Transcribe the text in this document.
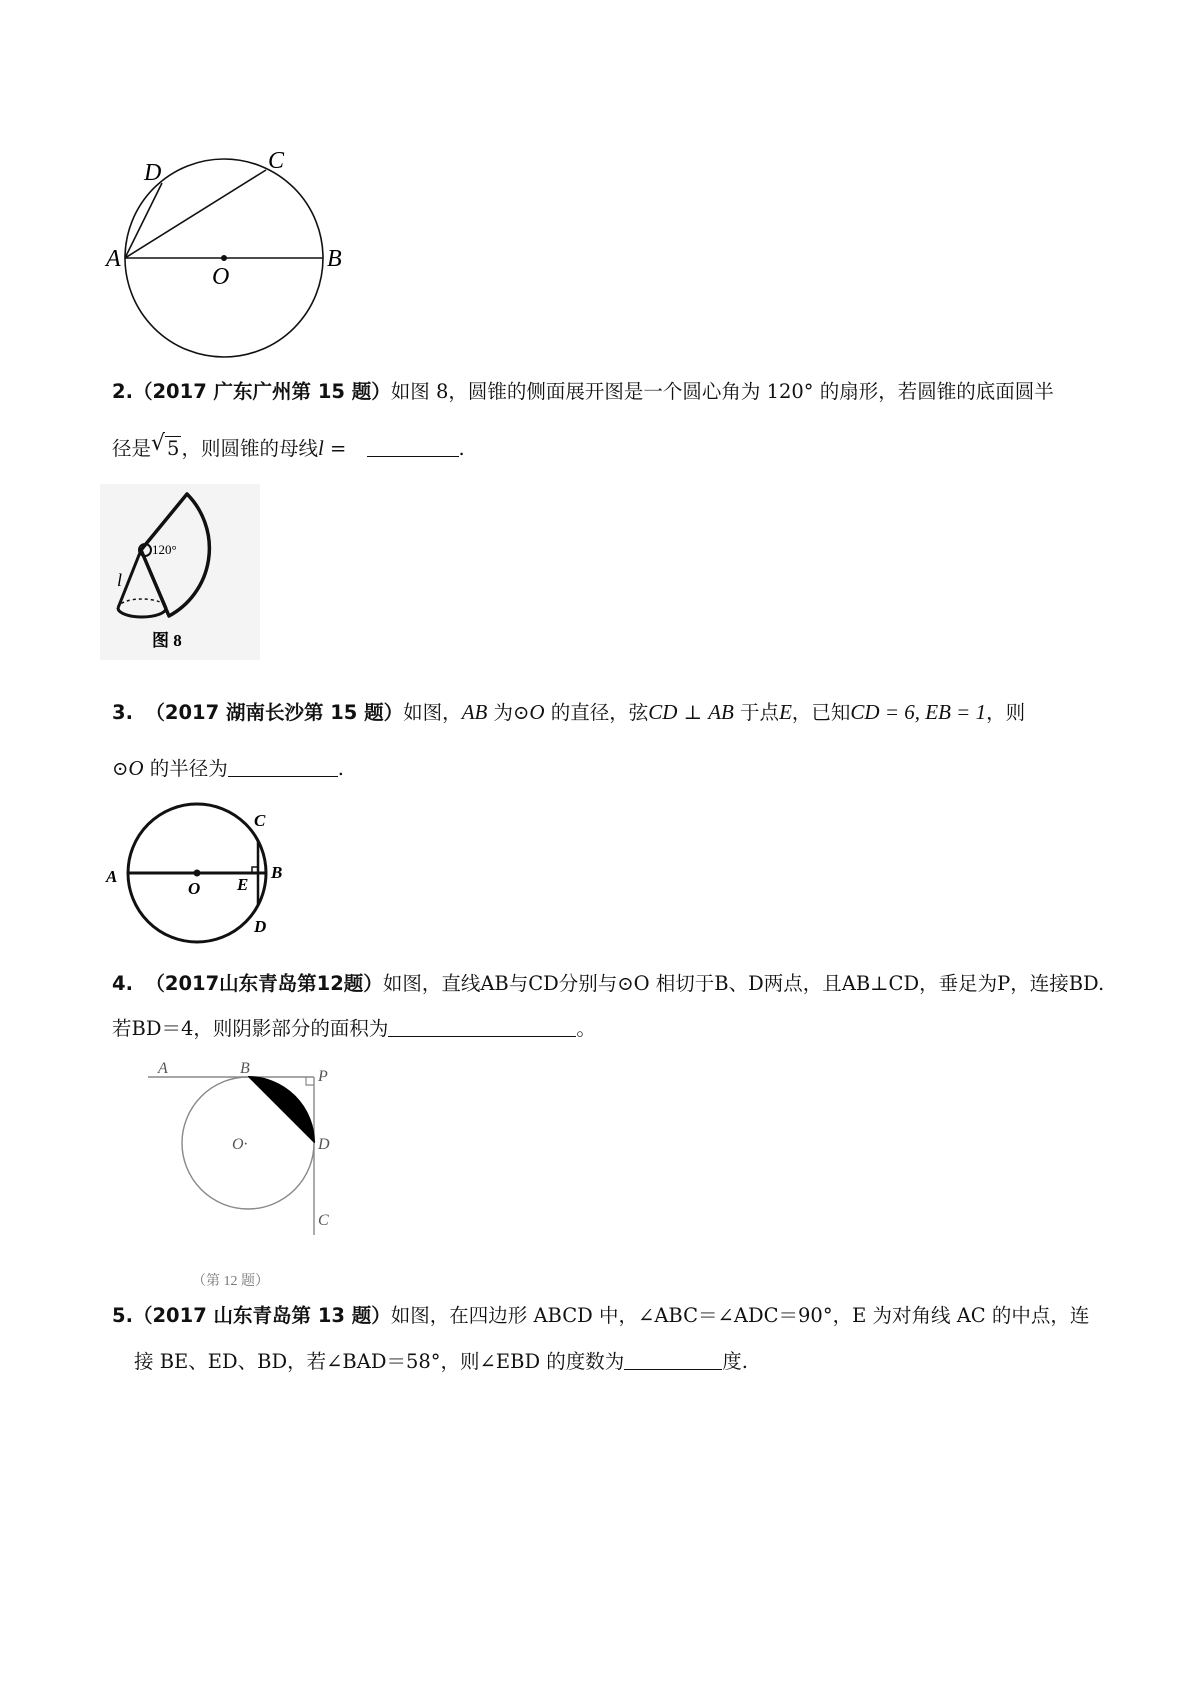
A	B
C
D
O
2.（2017 广东广州第 15 题）如图 8，圆锥的侧面展开图是一个圆心角为 120° 的扇形，若圆锥的底面圆半
径是 √ 5 ，则圆锥的母线l =	.
120°
l
图 8
3. （2017 湖南长沙第 15 题）如图，AB 为⊙O 的直径，弦CD ⊥ AB 于点E，已知CD = 6, EB = 1，则
⊙O 的半径为	.
A	B
C
D
E
O
4. （2017山东青岛第12题）如图，直线AB与CD分别与⊙O 相切于B、D两点，且AB⊥CD，垂足为P，连接BD.
若BD＝4，则阴影部分的面积为	。
A	B	P
D
C
O·
（第 12 题）
5.（2017 山东青岛第 13 题）如图，在四边形 ABCD 中，∠ABC＝∠ADC＝90°，E 为对角线 AC 的中点，连
接 BE、ED、BD，若∠BAD＝58°，则∠EBD 的度数为	度.
